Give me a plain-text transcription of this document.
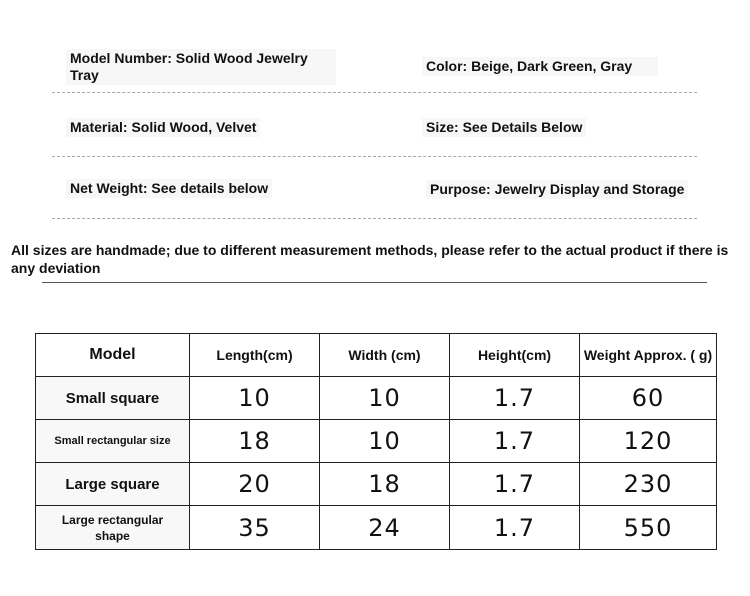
Model Number: Solid Wood Jewelry Tray
Color: Beige, Dark Green, Gray
Material: Solid Wood, Velvet	Size: See Details Below
Net Weight: See details below	Purpose: Jewelry Display and Storage
All sizes are handmade; due to different measurement methods, please refer to the actual product if there is any deviation
Model	Length(cm)	Width (cm)	Height(cm)	Weight Approx. ( g)
Small square	10	10	1.7	60
Small rectangular size	18	10	1.7	120
Large square	20	18	1.7	230
Large rectangular shape	35	24	1.7	550
